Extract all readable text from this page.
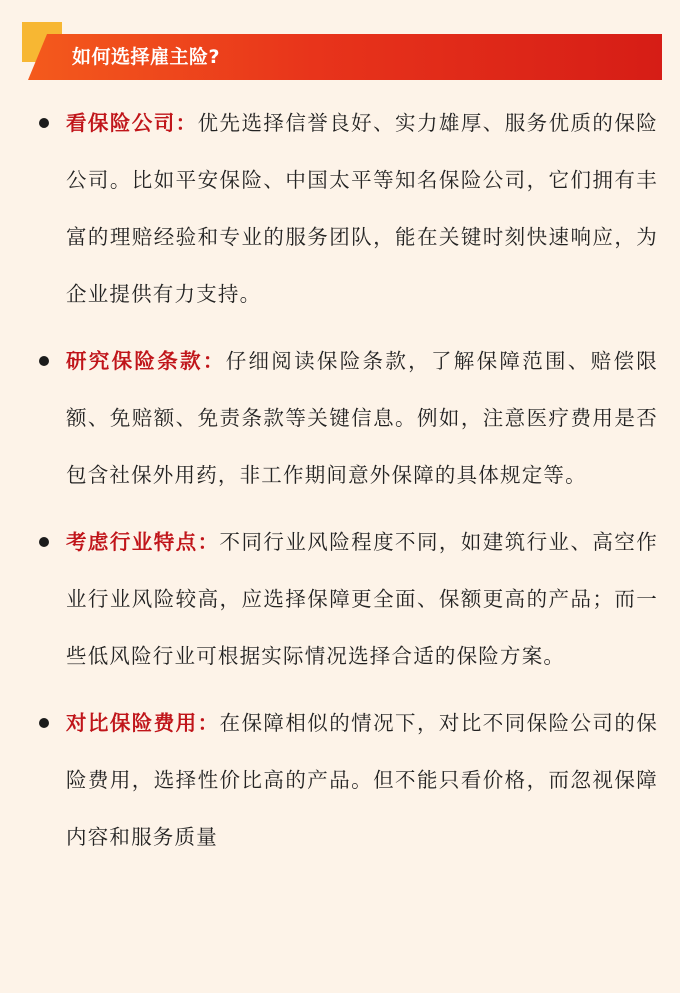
如何选择雇主险?
看保险公司：优先选择信誉良好、实力雄厚、服务优质的保险公司。比如平安保险、中国太平等知名保险公司，它们拥有丰富的理赔经验和专业的服务团队，能在关键时刻快速响应，为企业提供有力支持。
研究保险条款：仔细阅读保险条款，了解保障范围、赔偿限额、免赔额、免责条款等关键信息。例如，注意医疗费用是否包含社保外用药，非工作期间意外保障的具体规定等。
考虑行业特点：不同行业风险程度不同，如建筑行业、高空作业行业风险较高，应选择保障更全面、保额更高的产品；而一些低风险行业可根据实际情况选择合适的保险方案。
对比保险费用：在保障相似的情况下，对比不同保险公司的保险费用，选择性价比高的产品。但不能只看价格，而忽视保障内容和服务质量
